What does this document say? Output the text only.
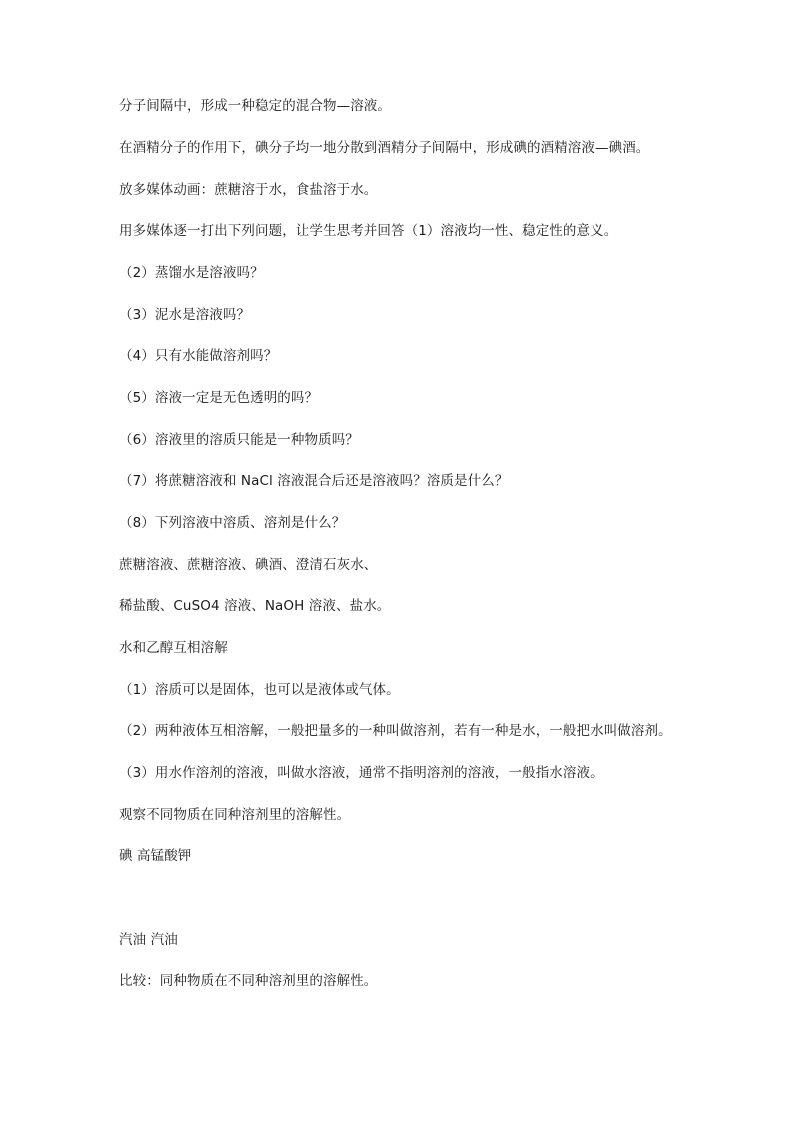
分子间隔中，形成一种稳定的混合物—溶液。
在酒精分子的作用下，碘分子均一地分散到酒精分子间隔中，形成碘的酒精溶液—碘酒。
放多媒体动画：蔗糖溶于水，食盐溶于水。
用多媒体逐一打出下列问题，让学生思考并回答（1）溶液均一性、稳定性的意义。
（2）蒸馏水是溶液吗？
（3）泥水是溶液吗？
（4）只有水能做溶剂吗？
（5）溶液一定是无色透明的吗？
（6）溶液里的溶质只能是一种物质吗？
（7）将蔗糖溶液和 NaCl 溶液混合后还是溶液吗？溶质是什么？
（8）下列溶液中溶质、溶剂是什么？
蔗糖溶液、蔗糖溶液、碘酒、澄清石灰水、
稀盐酸、CuSO4 溶液、NaOH 溶液、盐水。
水和乙醇互相溶解
（1）溶质可以是固体，也可以是液体或气体。
（2）两种液体互相溶解，一般把量多的一种叫做溶剂，若有一种是水，一般把水叫做溶剂。
（3）用水作溶剂的溶液，叫做水溶液，通常不指明溶剂的溶液，一般指水溶液。
观察不同物质在同种溶剂里的溶解性。
碘 高锰酸钾
汽油 汽油
比较：同种物质在不同种溶剂里的溶解性。
